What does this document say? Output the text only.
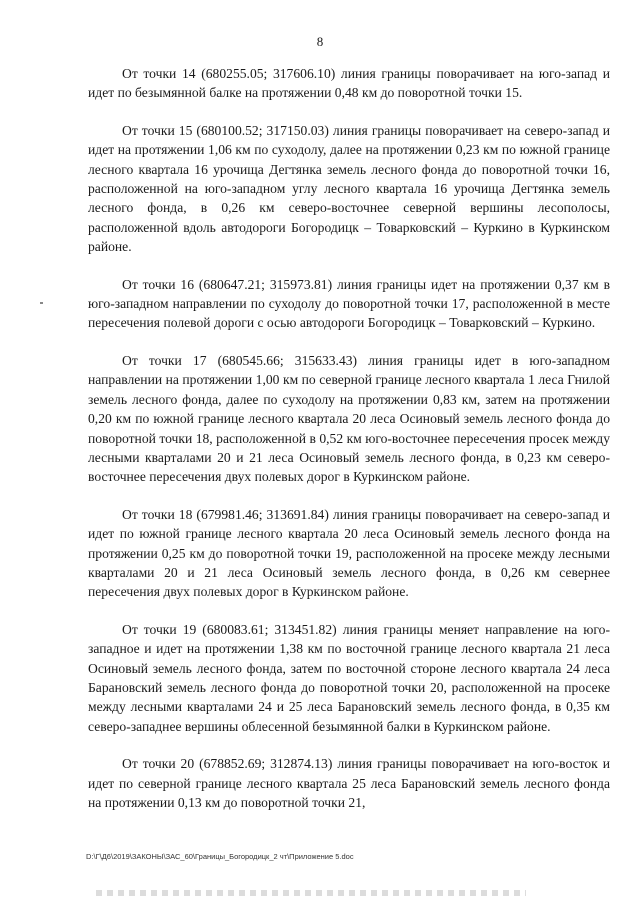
8

От точки 14 (680255.05; 317606.10) линия границы поворачивает на юго-запад и идет по безымянной балке на протяжении 0,48 км до поворотной точки 15.

От точки 15 (680100.52; 317150.03) линия границы поворачивает на северо-запад и идет на протяжении 1,06 км по суходолу, далее на протяжении 0,23 км по южной границе лесного квартала 16 урочища Дегтянка земель лесного фонда до поворотной точки 16, расположенной на юго-западном углу лесного квартала 16 урочища Дегтянка земель лесного фонда, в 0,26 км северо-восточнее северной вершины лесополосы, расположенной вдоль автодороги Богородицк – Товарковский – Куркино в Куркинском районе.

От точки 16 (680647.21; 315973.81) линия границы идет на протяжении 0,37 км в юго-западном направлении по суходолу до поворотной точки 17, расположенной в месте пересечения полевой дороги с осью автодороги Богородицк – Товарковский – Куркино.

От точки 17 (680545.66; 315633.43) линия границы идет в юго-западном направлении на протяжении 1,00 км по северной границе лесного квартала 1 леса Гнилой земель лесного фонда, далее по суходолу на протяжении 0,83 км, затем на протяжении 0,20 км по южной границе лесного квартала 20 леса Осиновый земель лесного фонда до поворотной точки 18, расположенной в 0,52 км юго-восточнее пересечения просек между лесными кварталами 20 и 21 леса Осиновый земель лесного фонда, в 0,23 км северо-восточнее пересечения двух полевых дорог в Куркинском районе.

От точки 18 (679981.46; 313691.84) линия границы поворачивает на северо-запад и идет по южной границе лесного квартала 20 леса Осиновый земель лесного фонда на протяжении 0,25 км до поворотной точки 19, расположенной на просеке между лесными кварталами 20 и 21 леса Осиновый земель лесного фонда, в 0,26 км севернее пересечения двух полевых дорог в Куркинском районе.

От точки 19 (680083.61; 313451.82) линия границы меняет направление на юго-западное и идет на протяжении 1,38 км по восточной границе лесного квартала 21 леса Осиновый земель лесного фонда, затем по восточной стороне лесного квартала 24 леса Барановский земель лесного фонда до поворотной точки 20, расположенной на просеке между лесными кварталами 24 и 25 леса Барановский земель лесного фонда, в 0,35 км северо-западнее вершины облесенной безымянной балки в Куркинском районе.

От точки 20 (678852.69; 312874.13) линия границы поворачивает на юго-восток и идет по северной границе лесного квартала 25 леса Барановский земель лесного фонда на протяжении 0,13 км до поворотной точки 21,

D:\Г\Д6\2019\ЗАКОНЫ\ЗАС_60\Границы_Богородицк_2 чт\Приложение 5.doc
